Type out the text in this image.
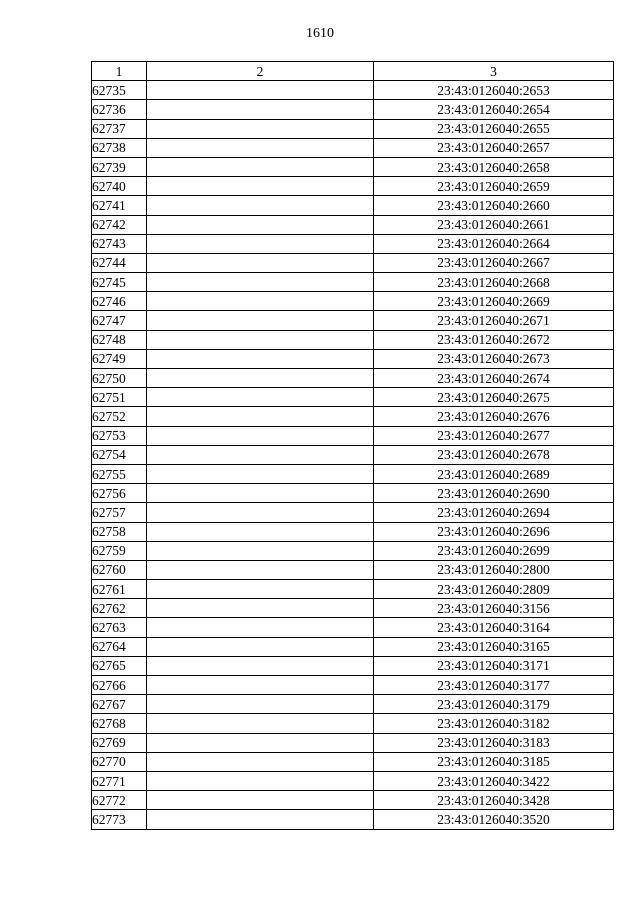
1610
1	2	3
62735		23:43:0126040:2653
62736		23:43:0126040:2654
62737		23:43:0126040:2655
62738		23:43:0126040:2657
62739		23:43:0126040:2658
62740		23:43:0126040:2659
62741		23:43:0126040:2660
62742		23:43:0126040:2661
62743		23:43:0126040:2664
62744		23:43:0126040:2667
62745		23:43:0126040:2668
62746		23:43:0126040:2669
62747		23:43:0126040:2671
62748		23:43:0126040:2672
62749		23:43:0126040:2673
62750		23:43:0126040:2674
62751		23:43:0126040:2675
62752		23:43:0126040:2676
62753		23:43:0126040:2677
62754		23:43:0126040:2678
62755		23:43:0126040:2689
62756		23:43:0126040:2690
62757		23:43:0126040:2694
62758		23:43:0126040:2696
62759		23:43:0126040:2699
62760		23:43:0126040:2800
62761		23:43:0126040:2809
62762		23:43:0126040:3156
62763		23:43:0126040:3164
62764		23:43:0126040:3165
62765		23:43:0126040:3171
62766		23:43:0126040:3177
62767		23:43:0126040:3179
62768		23:43:0126040:3182
62769		23:43:0126040:3183
62770		23:43:0126040:3185
62771		23:43:0126040:3422
62772		23:43:0126040:3428
62773		23:43:0126040:3520
